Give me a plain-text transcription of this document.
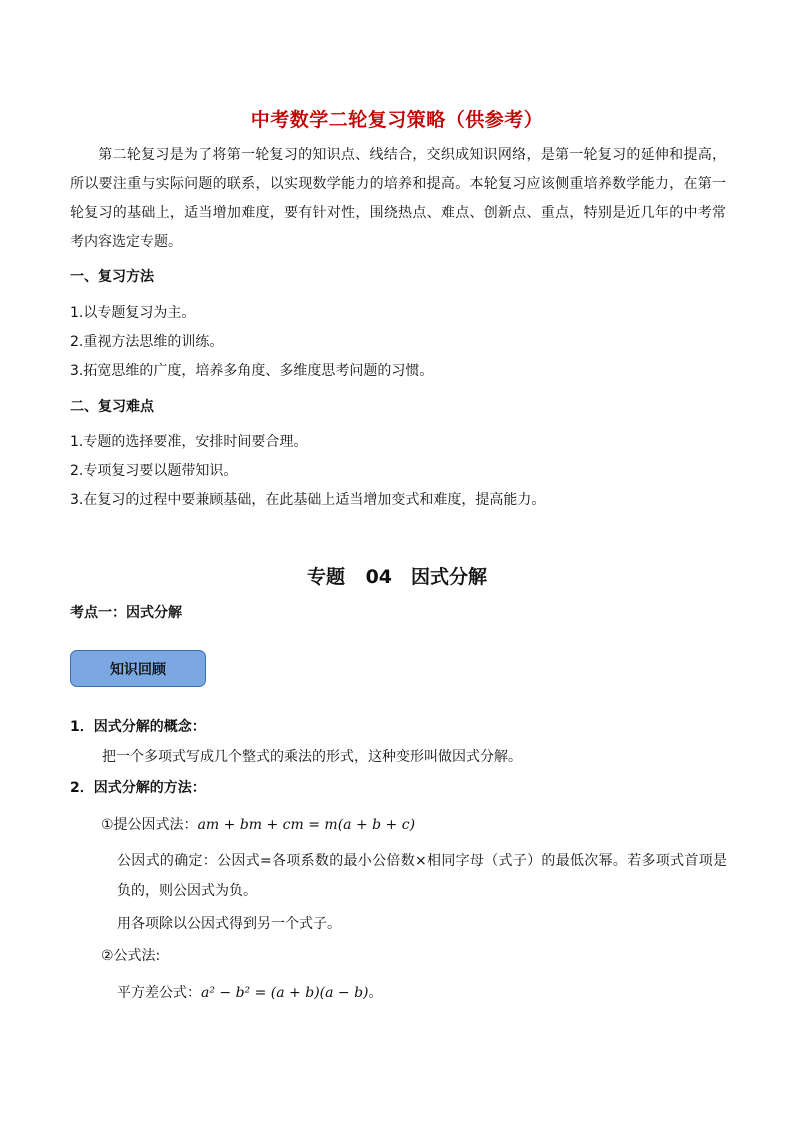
中考数学二轮复习策略（供参考）

第二轮复习是为了将第一轮复习的知识点、线结合，交织成知识网络，是第一轮复习的延伸和提高，所以要注重与实际问题的联系，以实现数学能力的培养和提高。本轮复习应该侧重培养数学能力，在第一轮复习的基础上，适当增加难度，要有针对性，围绕热点、难点、创新点、重点，特别是近几年的中考常考内容选定专题。

一、复习方法
1.以专题复习为主。
2.重视方法思维的训练。
3.拓宽思维的广度，培养多角度、多维度思考问题的习惯。
二、复习难点
1.专题的选择要准，安排时间要合理。
2.专项复习要以题带知识。
3.在复习的过程中要兼顾基础，在此基础上适当增加变式和难度，提高能力。
专题 04　因式分解
考点一：因式分解
知识回顾
1．因式分解的概念：
把一个多项式写成几个整式的乘法的形式，这种变形叫做因式分解。
2．因式分解的方法：
①提公因式法：am + bm + cm = m(a + b + c)

公因式的确定：公因式=各项系数的最小公倍数×相同字母（式子）的最低次幂。若多项式首项是负的，则公因式为负。

用各项除以公因式得到另一个式子。
②公式法:
平方差公式：a² − b² = (a + b)(a − b)。
